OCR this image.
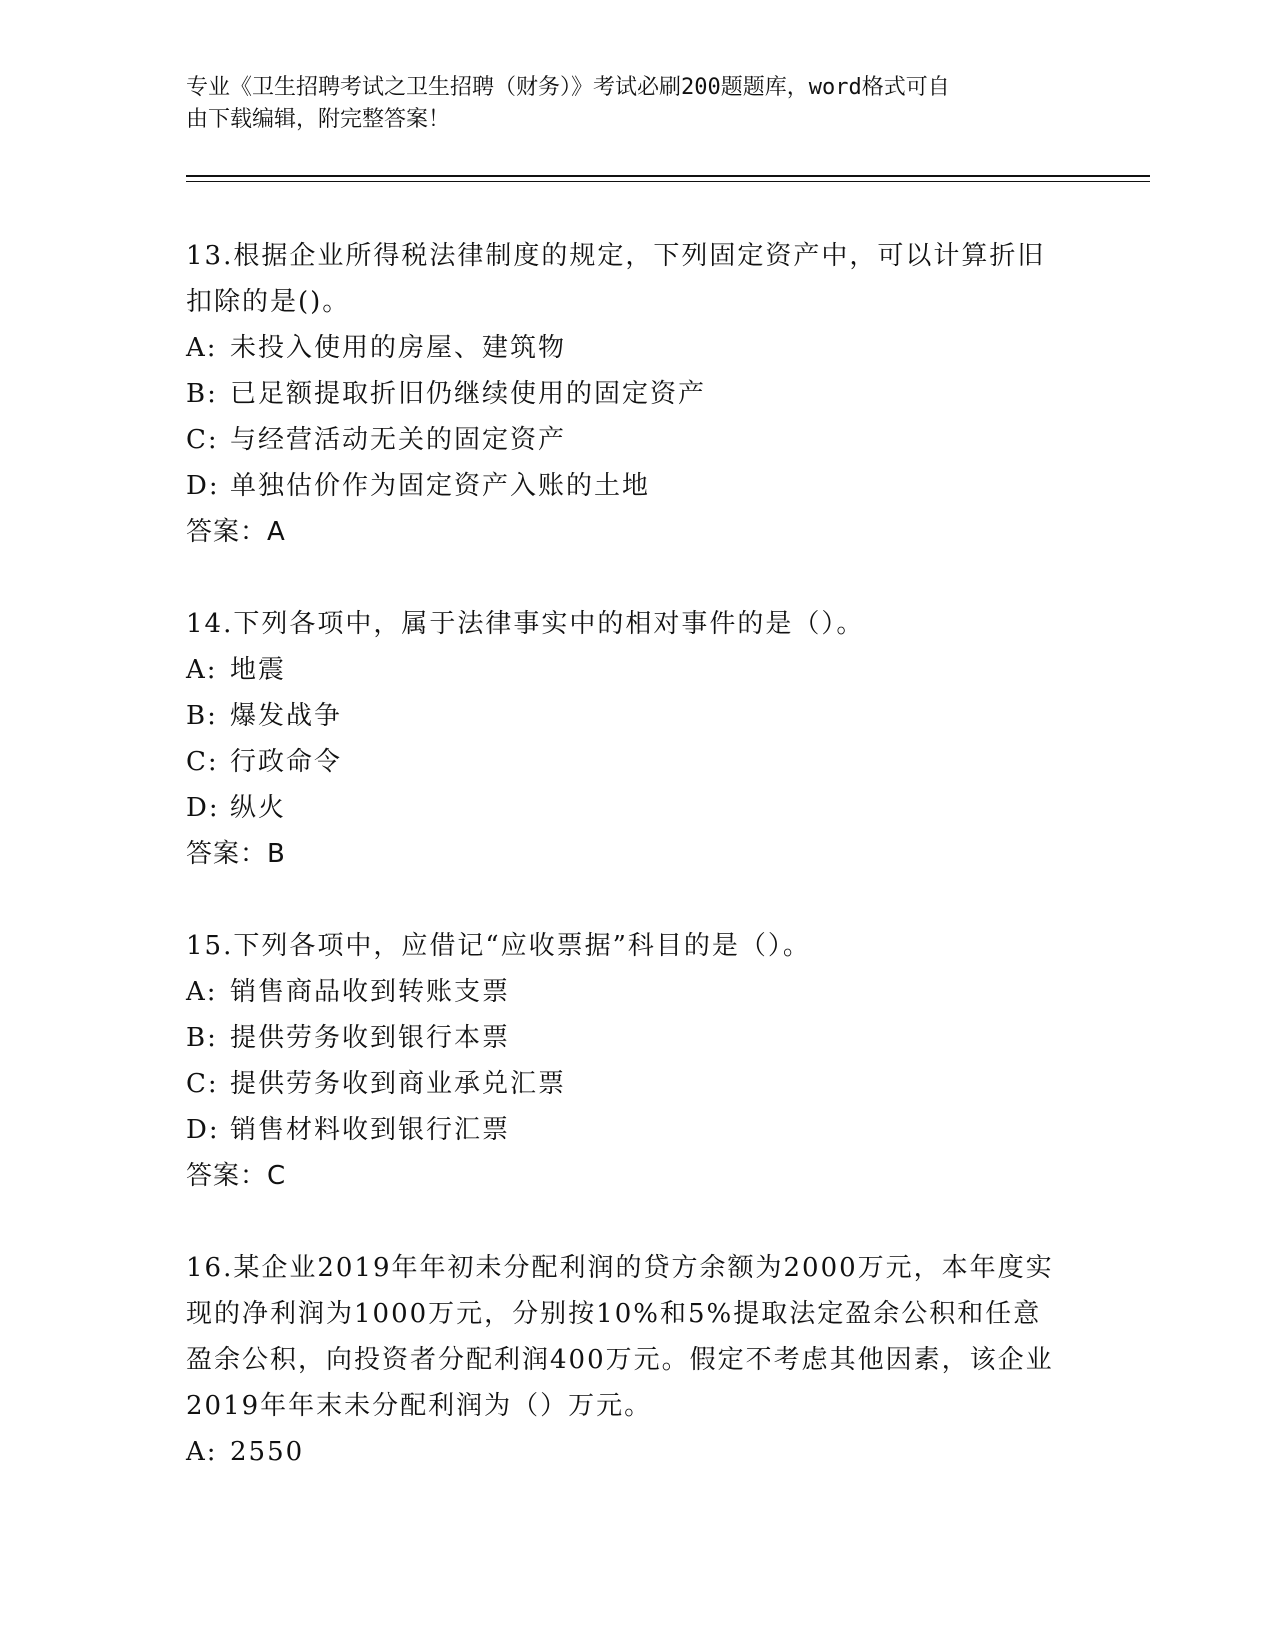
专业《卫生招聘考试之卫生招聘（财务）》考试必刷200题题库，word格式可自
由下载编辑，附完整答案！

13.根据企业所得税法律制度的规定，下列固定资产中，可以计算折旧扣除的是()。

A: 未投入使用的房屋、建筑物

B: 已足额提取折旧仍继续使用的固定资产

C: 与经营活动无关的固定资产

D: 单独估价作为固定资产入账的土地

答案：A

14.下列各项中，属于法律事实中的相对事件的是（）。

A: 地震

B: 爆发战争

C: 行政命令

D: 纵火

答案：B

15.下列各项中，应借记“应收票据”科目的是（）。

A: 销售商品收到转账支票

B: 提供劳务收到银行本票

C: 提供劳务收到商业承兑汇票

D: 销售材料收到银行汇票

答案：C

16.某企业2019年年初未分配利润的贷方余额为2000万元，本年度实现的净利润为1000万元，分别按10%和5%提取法定盈余公积和任意盈余公积，向投资者分配利润400万元。假定不考虑其他因素，该企业2019年年末未分配利润为（）万元。

A: 2550
